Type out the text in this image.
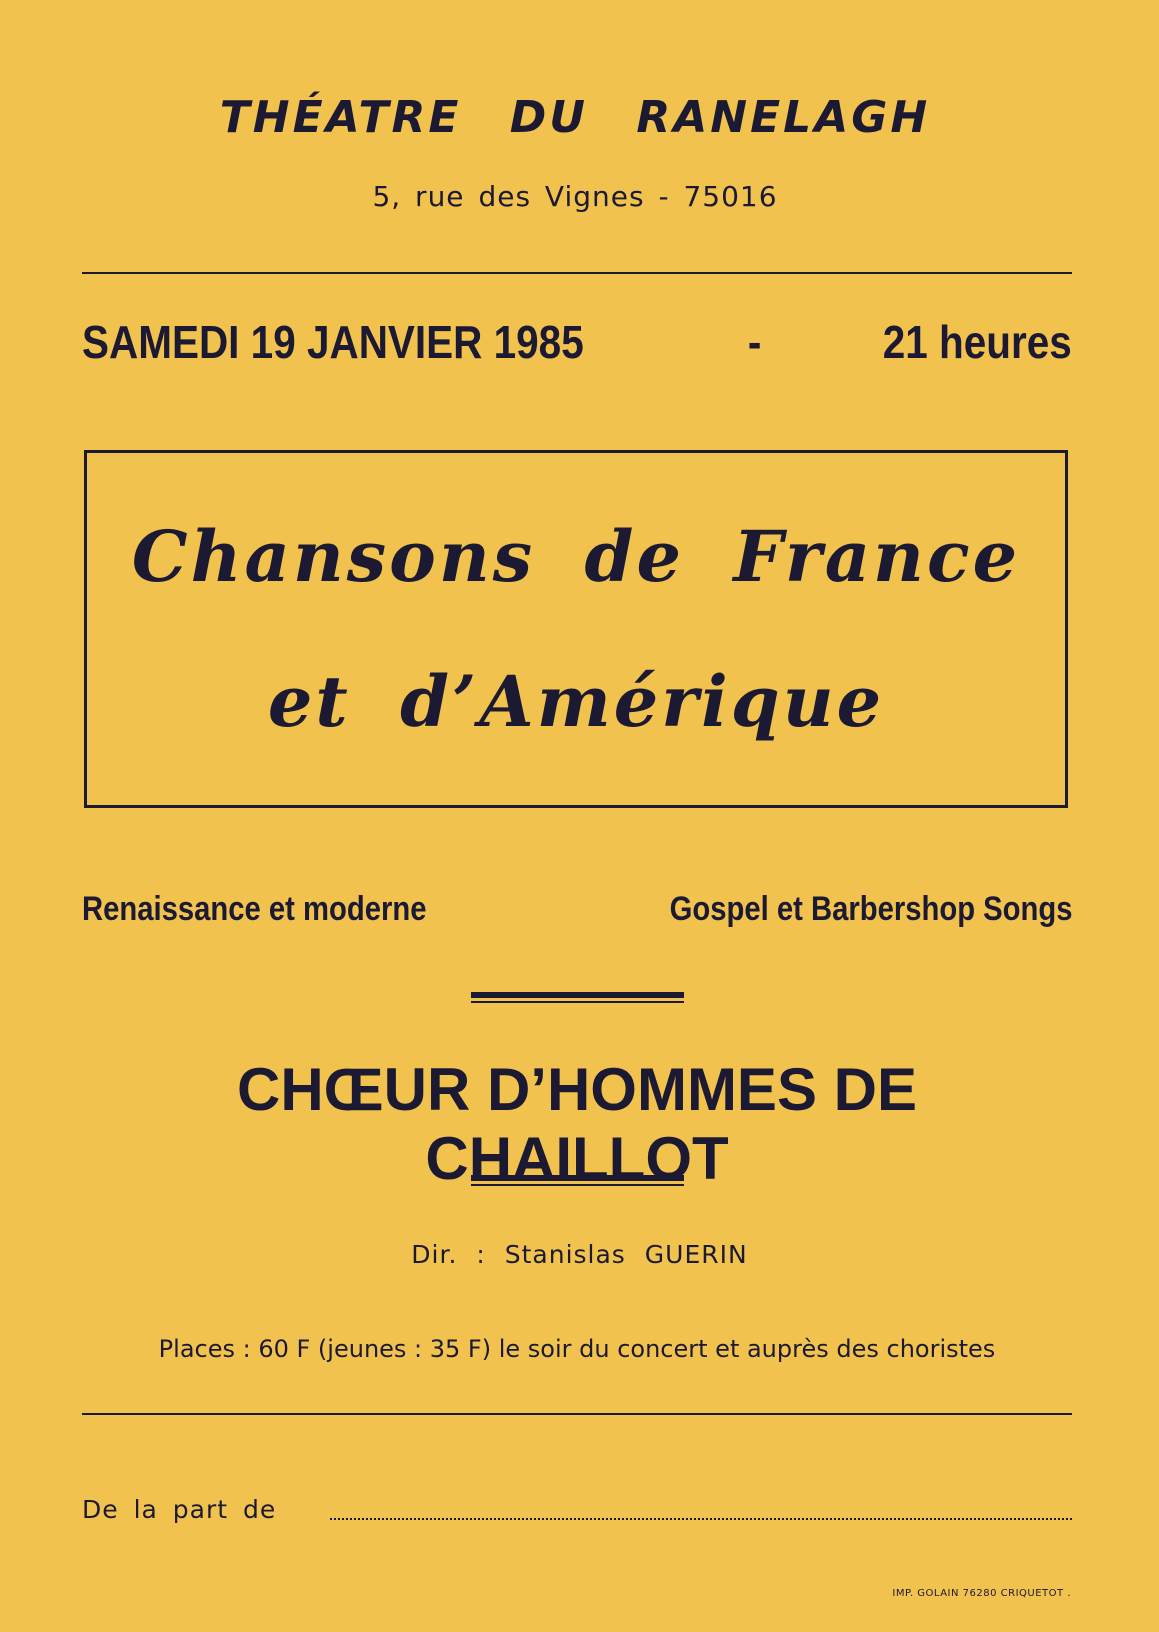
THÉATRE DU RANELAGH
5, rue des Vignes - 75016
SAMEDI 19 JANVIER 1985	-	21 heures
Chansons de France
et d’Amérique
Renaissance et moderne	Gospel et Barbershop Songs
CHŒUR D’HOMMES DE CHAILLOT
Dir. : Stanislas GUERIN
Places : 60 F (jeunes : 35 F) le soir du concert et auprès des choristes
De la part de
IMP. GOLAIN 76280 CRIQUETOT .
